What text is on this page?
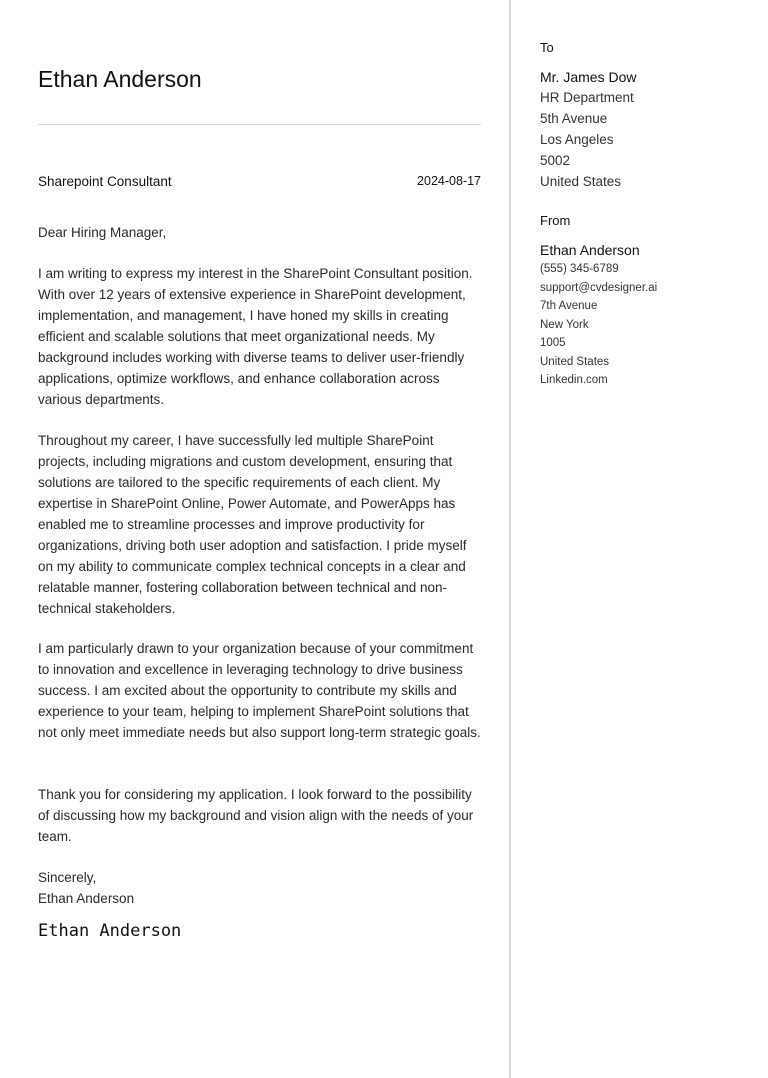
Ethan Anderson
Sharepoint Consultant	2024-08-17

Dear Hiring Manager,

I am writing to express my interest in the SharePoint Consultant position. With over 12 years of extensive experience in SharePoint development, implementation, and management, I have honed my skills in creating efficient and scalable solutions that meet organizational needs. My background includes working with diverse teams to deliver user-friendly applications, optimize workflows, and enhance collaboration across various departments.

Throughout my career, I have successfully led multiple SharePoint projects, including migrations and custom development, ensuring that solutions are tailored to the specific requirements of each client. My expertise in SharePoint Online, Power Automate, and PowerApps has enabled me to streamline processes and improve productivity for organizations, driving both user adoption and satisfaction. I pride myself on my ability to communicate complex technical concepts in a clear and relatable manner, fostering collaboration between technical and non-technical stakeholders.

I am particularly drawn to your organization because of your commitment to innovation and excellence in leveraging technology to drive business success. I am excited about the opportunity to contribute my skills and experience to your team, helping to implement SharePoint solutions that not only meet immediate needs but also support long-term strategic goals.

Thank you for considering my application. I look forward to the possibility of discussing how my background and vision align with the needs of your team.

Sincerely,

Ethan Anderson

Ethan Anderson
To
Mr. James Dow
HR Department
5th Avenue
Los Angeles
5002
United States
From
Ethan Anderson
(555) 345-6789
support@cvdesigner.ai
7th Avenue
New York
1005
United States
Linkedin.com
